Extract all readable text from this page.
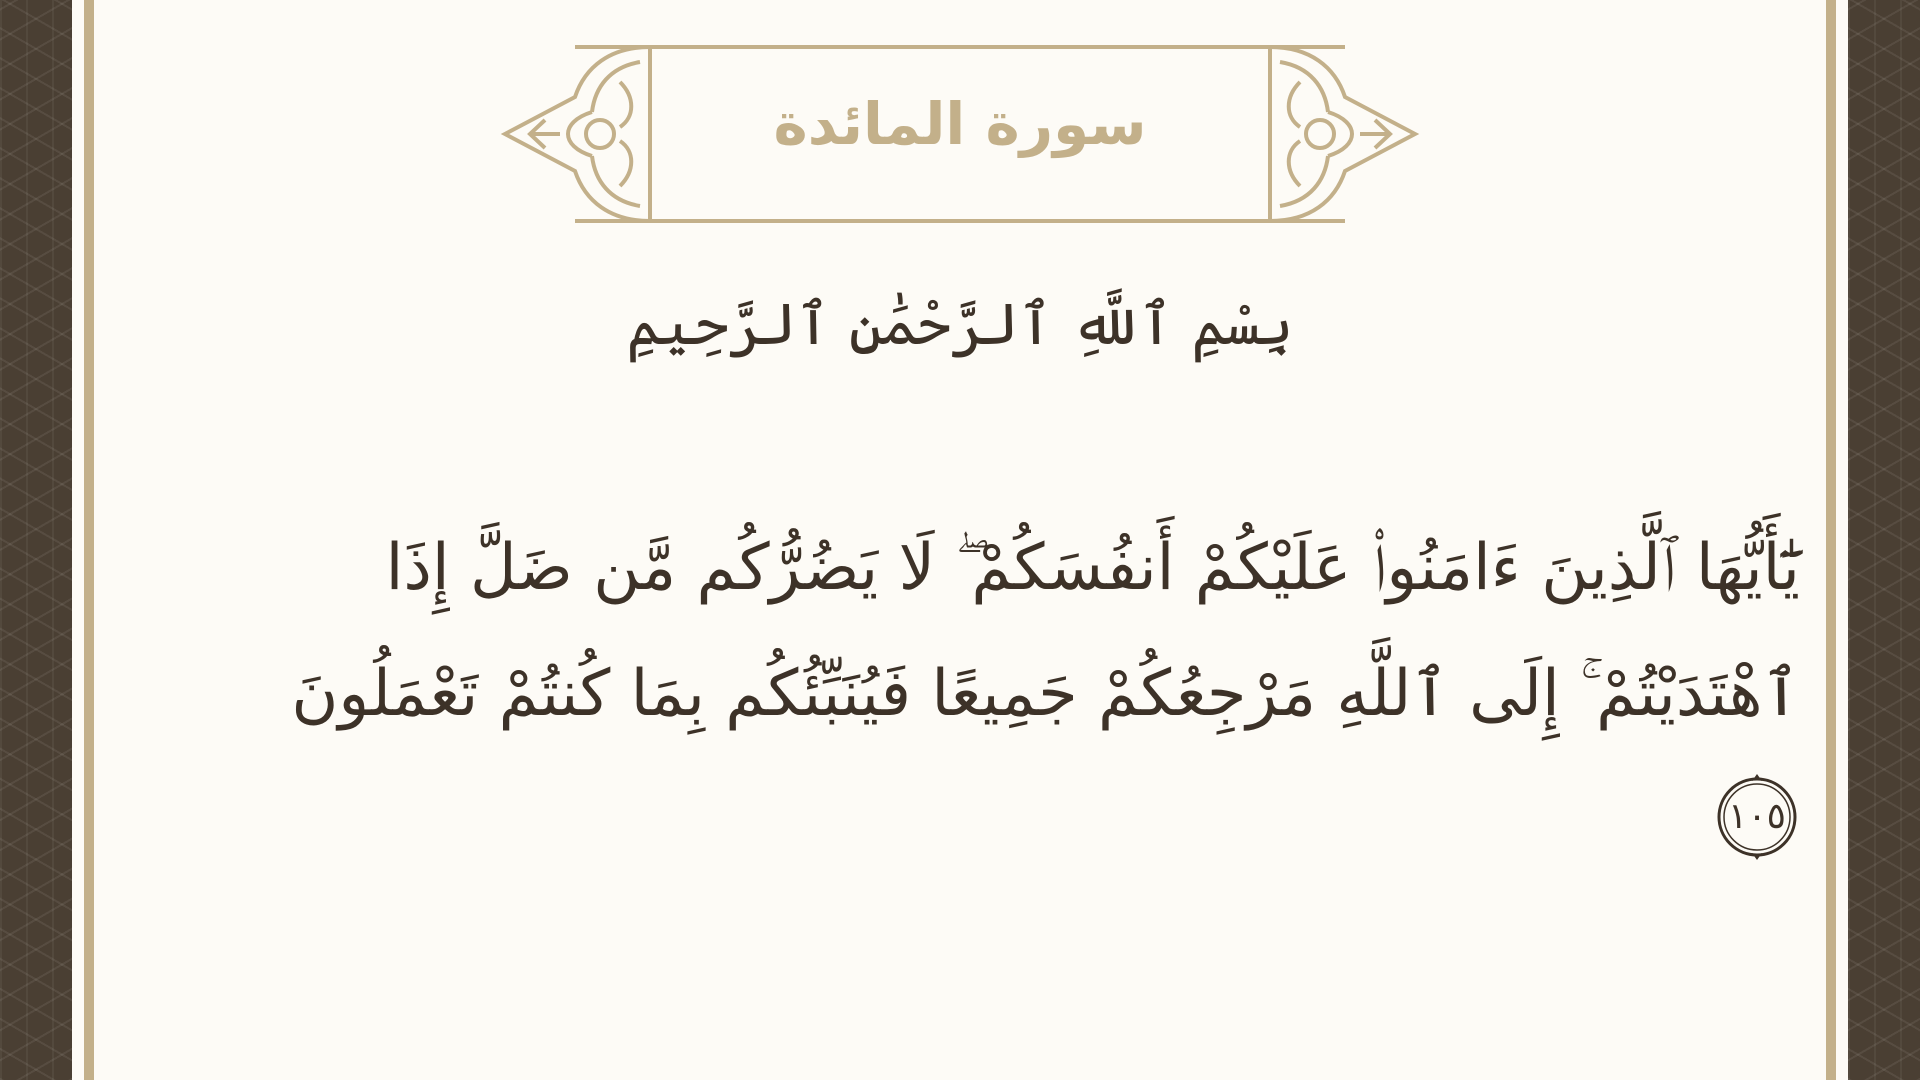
سورة المائدة
بِسْمِ ٱللَّهِ ٱلرَّحْمَٰنِ ٱلرَّحِيمِ
يَٰٓأَيُّهَا ٱلَّذِينَ ءَامَنُوا۟ عَلَيْكُمْ أَنفُسَكُمْ ۖ لَا يَضُرُّكُم مَّن ضَلَّ إِذَا
ٱهْتَدَيْتُمْ ۚ إِلَى ٱللَّهِ مَرْجِعُكُمْ جَمِيعًا فَيُنَبِّئُكُم بِمَا كُنتُمْ تَعْمَلُونَ
١٠٥
